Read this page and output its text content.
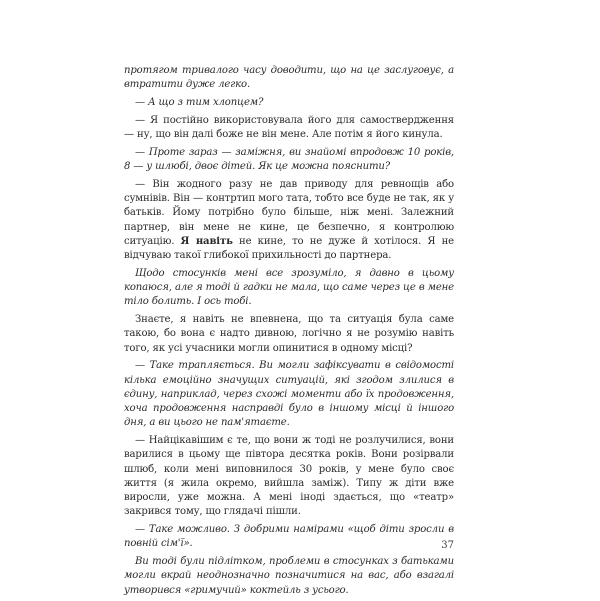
протягом тривалого часу доводити, що на це заслуговує, а втратити дуже легко.

— А що з тим хлопцем?

— Я постійно використовувала його для самоствердження — ну, що він далі боже не він мене. Але потім я його кинула.

— Проте зараз — заміжня, ви знайомі впродовж 10 років, 8 — у шлюбі, двоє дітей. Як це можна пояснити?

— Він жодного разу не дав приводу для ревнощів або сумнівів. Він — контртип мого тата, тобто все буде не так, як у батьків. Йому потрібно було більше, ніж мені. Залежний партнер, він мене не кине, це безпечно, я контролюю ситуацію. Я навіть не кине, то не дуже й хотілося. Я не відчуваю такої глибокої прихильності до партнера.

Щодо стосунків мені все зрозуміло, я давно в цьому копаюся, але я тоді й гадки не мала, що саме через це в мене тіло болить. І ось тобі.

Знаєте, я навіть не впевнена, що та ситуація була саме такою, бо вона є надто дивною, логічно я не розумію навіть того, як усі учасники могли опинитися в одному місці?

— Таке трапляється. Ви могли зафіксувати в свідомості кілька емоційно значущих ситуацій, які згодом злилися в єдину, наприклад, через схожі моменти або їх продовження, хоча продовження насправді було в іншому місці й іншого дня, а ви цього не пам'ятаєте.

— Найцікавішим є те, що вони ж тоді не розлучилися, вони варилися в цьому ще півтора десятка років. Вони розірвали шлюб, коли мені виповнилося 30 років, у мене було своє життя (я жила окремо, вийшла заміж). Типу ж діти вже виросли, уже можна. А мені іноді здається, що «театр» закрився тому, що глядачі пішли.

— Таке можливо. З добрими намірами «щоб діти зросли в повній сім'ї».

Ви тоді були підлітком, проблеми в стосунках з батьками могли вкрай неоднозначно позначитися на вас, або взагалі утворився «гримучий» коктейль з усього.

37
